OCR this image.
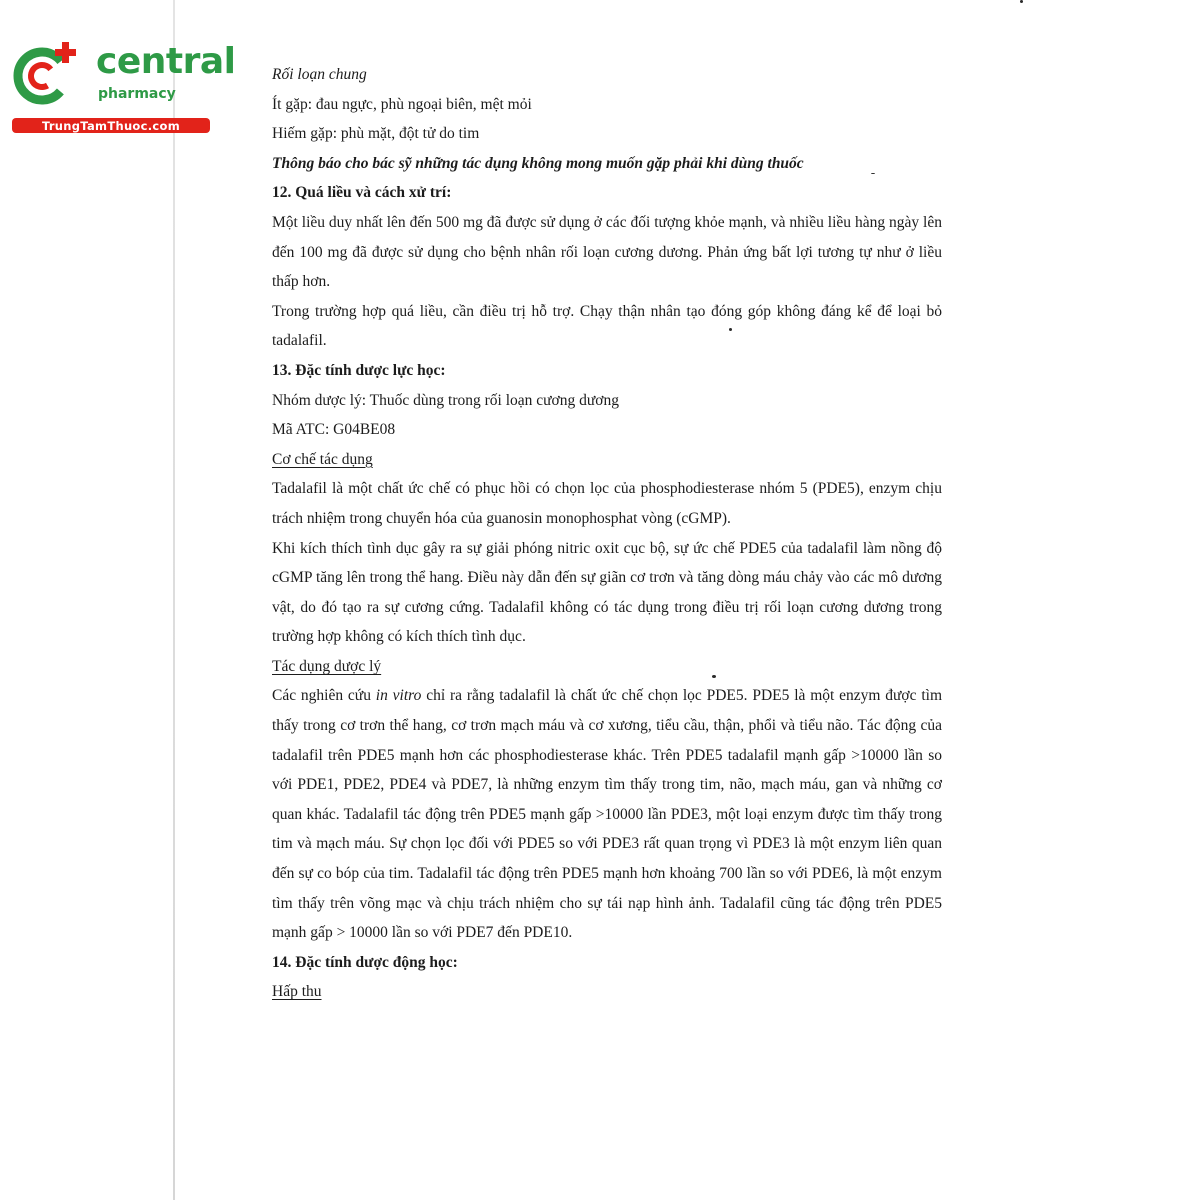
central
pharmacy
TrungTamThuoc.com

Rối loạn chung

Ít gặp: đau ngực, phù ngoại biên, mệt mỏi

Hiếm gặp: phù mặt, đột tử do tim

Thông báo cho bác sỹ những tác dụng không mong muốn gặp phải khi dùng thuốc

12. Quá liều và cách xử trí:

Một liều duy nhất lên đến 500 mg đã được sử dụng ở các đối tượng khỏe mạnh, và nhiều liều hàng ngày lên đến 100 mg đã được sử dụng cho bệnh nhân rối loạn cương dương. Phản ứng bất lợi tương tự như ở liều thấp hơn.

Trong trường hợp quá liều, cần điều trị hỗ trợ. Chạy thận nhân tạo đóng góp không đáng kể để loại bỏ tadalafil.

13. Đặc tính dược lực học:

Nhóm dược lý: Thuốc dùng trong rối loạn cương dương

Mã ATC: G04BE08

Cơ chế tác dụng

Tadalafil là một chất ức chế có phục hồi có chọn lọc của phosphodiesterase nhóm 5 (PDE5), enzym chịu trách nhiệm trong chuyển hóa của guanosin monophosphat vòng (cGMP).

Khi kích thích tình dục gây ra sự giải phóng nitric oxit cục bộ, sự ức chế PDE5 của tadalafil làm nồng độ cGMP tăng lên trong thể hang. Điều này dẫn đến sự giãn cơ trơn và tăng dòng máu chảy vào các mô dương vật, do đó tạo ra sự cương cứng. Tadalafil không có tác dụng trong điều trị rối loạn cương dương trong trường hợp không có kích thích tình dục.

Tác dụng dược lý

Các nghiên cứu in vitro chỉ ra rằng tadalafil là chất ức chế chọn lọc PDE5. PDE5 là một enzym được tìm thấy trong cơ trơn thể hang, cơ trơn mạch máu và cơ xương, tiểu cầu, thận, phổi và tiểu não. Tác động của tadalafil trên PDE5 mạnh hơn các phosphodiesterase khác. Trên PDE5 tadalafil mạnh gấp >10000 lần so với PDE1, PDE2, PDE4 và PDE7, là những enzym tìm thấy trong tim, não, mạch máu, gan và những cơ quan khác. Tadalafil tác động trên PDE5 mạnh gấp >10000 lần PDE3, một loại enzym được tìm thấy trong tim và mạch máu. Sự chọn lọc đối với PDE5 so với PDE3 rất quan trọng vì PDE3 là một enzym liên quan đến sự co bóp của tim. Tadalafil tác động trên PDE5 mạnh hơn khoảng 700 lần so với PDE6, là một enzym tìm thấy trên võng mạc và chịu trách nhiệm cho sự tái nạp hình ảnh. Tadalafil cũng tác động trên PDE5 mạnh gấp > 10000 lần so với PDE7 đến PDE10.

14. Đặc tính dược động học:

Hấp thu
